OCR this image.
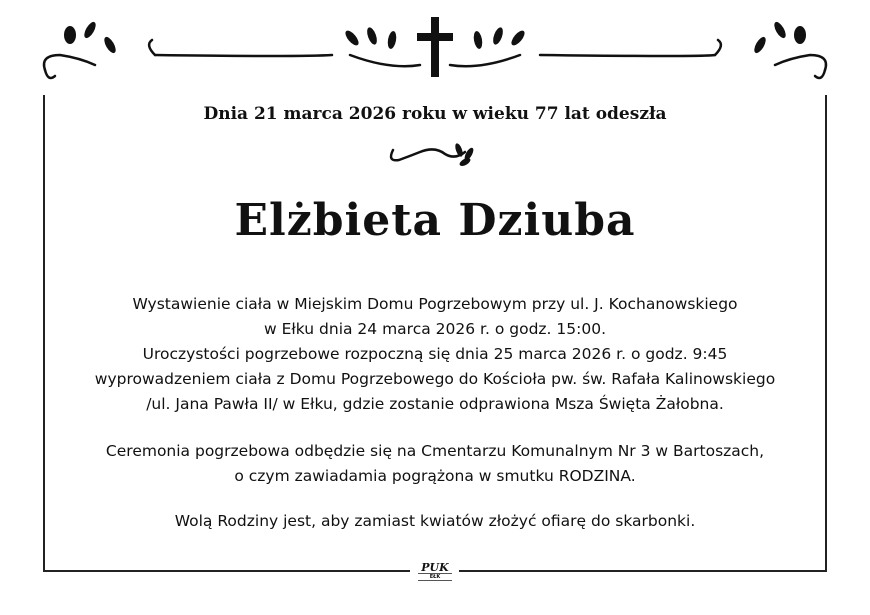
Dnia 21 marca 2026 roku w wieku 77 lat odeszła
Elżbieta Dziuba
Wystawienie ciała w Miejskim Domu Pogrzebowym przy ul. J. Kochanowskiego
w Ełku dnia 24 marca 2026 r. o godz. 15:00.
Uroczystości pogrzebowe rozpoczną się dnia 25 marca 2026 r. o godz. 9:45
wyprowadzeniem ciała z Domu Pogrzebowego do Kościoła pw. św. Rafała Kalinowskiego
/ul. Jana Pawła II/ w Ełku, gdzie zostanie odprawiona Msza Święta Żałobna.
Ceremonia pogrzebowa odbędzie się na Cmentarzu Komunalnym Nr 3 w Bartoszach,
o czym zawiadamia pogrążona w smutku RODZINA.
Wolą Rodziny jest, aby zamiast kwiatów złożyć ofiarę do skarbonki.
PUK
EŁK
